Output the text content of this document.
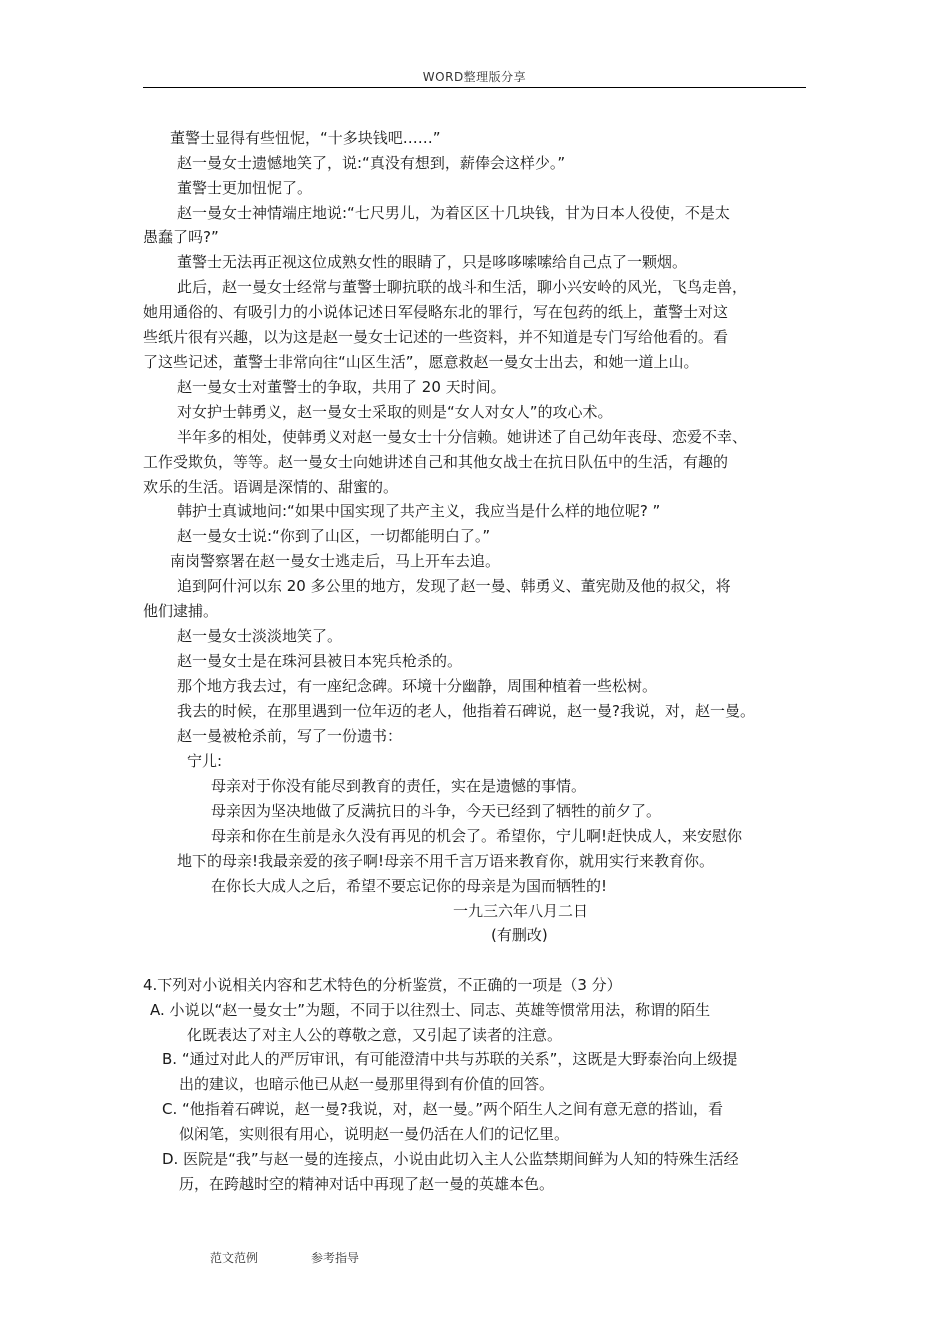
WORD整理版分享
董警士显得有些忸怩，“十多块钱吧……”
赵一曼女士遗憾地笑了，说:“真没有想到，薪俸会这样少。”
董警士更加忸怩了。
赵一曼女士神情端庄地说:“七尺男儿，为着区区十几块钱，甘为日本人役使，不是太
愚蠢了吗?”
董警士无法再正视这位成熟女性的眼睛了，只是哆哆嗦嗦给自己点了一颗烟。
此后，赵一曼女士经常与董警士聊抗联的战斗和生活，聊小兴安岭的风光，飞鸟走兽，
她用通俗的、有吸引力的小说体记述日军侵略东北的罪行，写在包药的纸上，董警士对这
些纸片很有兴趣，以为这是赵一曼女士记述的一些资料，并不知道是专门写给他看的。看
了这些记述，董警士非常向往“山区生活”，愿意救赵一曼女士出去，和她一道上山。
赵一曼女士对董警士的争取，共用了 20 天时间。
对女护士韩勇义，赵一曼女士采取的则是“女人对女人”的攻心术。
半年多的相处，使韩勇义对赵一曼女士十分信赖。她讲述了自己幼年丧母、恋爱不幸、
工作受欺负，等等。赵一曼女士向她讲述自己和其他女战士在抗日队伍中的生活，有趣的
欢乐的生活。语调是深情的、甜蜜的。
韩护士真诚地问:“如果中国实现了共产主义，我应当是什么样的地位呢? ”
赵一曼女士说:“你到了山区，一切都能明白了。”
南岗警察署在赵一曼女士逃走后，马上开车去追。
追到阿什河以东 20 多公里的地方，发现了赵一曼、韩勇义、董宪勋及他的叔父，将
他们逮捕。
赵一曼女士淡淡地笑了。
赵一曼女士是在珠河县被日本宪兵枪杀的。
那个地方我去过，有一座纪念碑。环境十分幽静，周围种植着一些松树。
我去的时候，在那里遇到一位年迈的老人，他指着石碑说，赵一曼?我说，对，赵一曼。
赵一曼被枪杀前，写了一份遗书：
宁儿:
母亲对于你没有能尽到教育的责任，实在是遗憾的事情。
母亲因为坚决地做了反满抗日的斗争，今天已经到了牺牲的前夕了。
母亲和你在生前是永久没有再见的机会了。希望你，宁儿啊!赶快成人，来安慰你
地下的母亲!我最亲爱的孩子啊!母亲不用千言万语来教育你，就用实行来教育你。
在你长大成人之后，希望不要忘记你的母亲是为国而牺牲的!
一九三六年八月二日
(有删改)
4.下列对小说相关内容和艺术特色的分析鉴赏，不正确的一项是（3 分）
A. 小说以“赵一曼女士”为题，不同于以往烈士、同志、英雄等惯常用法，称谓的陌生
化既表达了对主人公的尊敬之意，又引起了读者的注意。
B. “通过对此人的严厉审讯，有可能澄清中共与苏联的关系”，这既是大野泰治向上级提
出的建议，也暗示他已从赵一曼那里得到有价值的回答。
C. “他指着石碑说，赵一曼?我说，对，赵一曼。”两个陌生人之间有意无意的搭讪，看
似闲笔，实则很有用心，说明赵一曼仍活在人们的记忆里。
D. 医院是“我”与赵一曼的连接点，小说由此切入主人公监禁期间鲜为人知的特殊生活经
历，在跨越时空的精神对话中再现了赵一曼的英雄本色。
范文范例	参考指导
